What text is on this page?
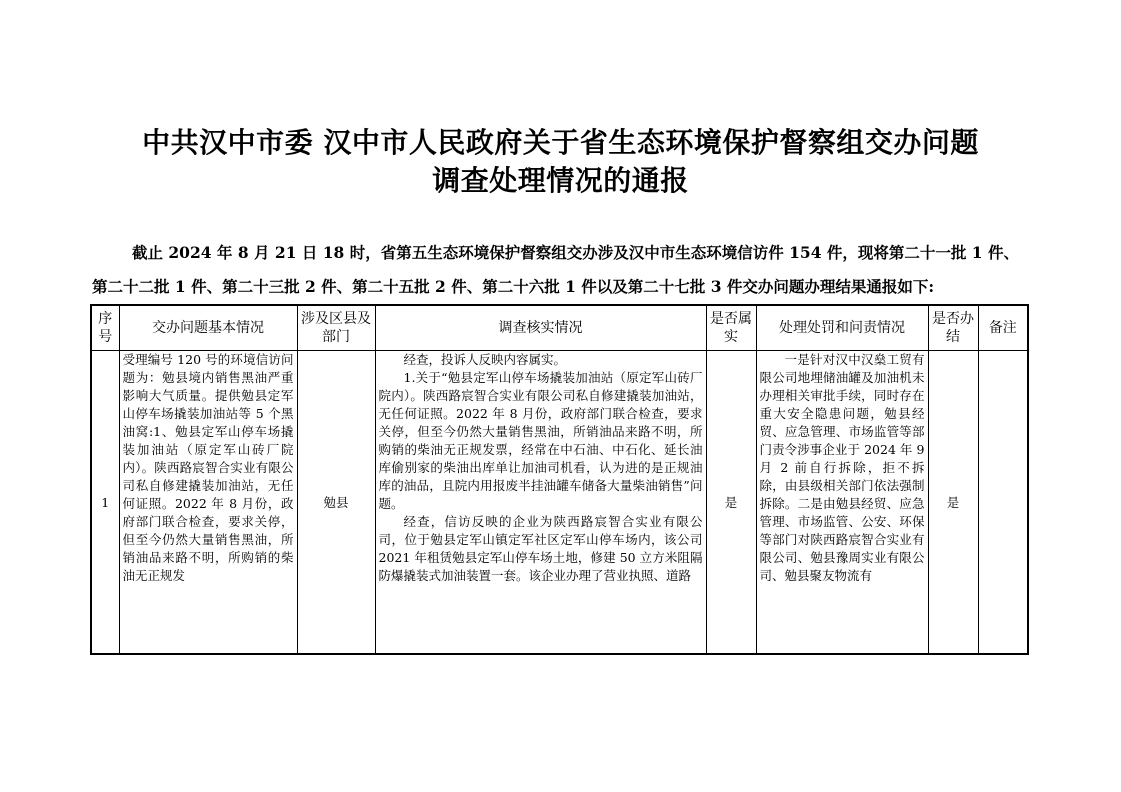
中共汉中市委 汉中市人民政府关于省生态环境保护督察组交办问题
调查处理情况的通报
截止 2024 年 8 月 21 日 18 时，省第五生态环境保护督察组交办涉及汉中市生态环境信访件 154 件，现将第二十一批 1 件、
第二十二批 1 件、第二十三批 2 件、第二十五批 2 件、第二十六批 1 件以及第二十七批 3 件交办问题办理结果通报如下:
序号	交办问题基本情况	涉及区县及部门	调查核实情况	是否属实	处理处罚和问责情况	是否办结	备注
1	受理编号 120 号的环境信访问题为：勉县境内销售黑油严重影响大气质量。提供勉县定军山停车场撬装加油站等 5 个黑油窝:1、勉县定军山停车场撬装加油站（原定军山砖厂院内）。陕西路宸智合实业有限公司私自修建撬装加油站，无任何证照。2022 年 8 月份，政府部门联合检查，要求关停，但至今仍然大量销售黑油，所销油品来路不明，所购销的柴油无正规发	勉县	经查，投诉人反映内容属实。

1.关于“勉县定军山停车场撬装加油站（原定军山砖厂院内）。陕西路宸智合实业有限公司私自修建撬装加油站，无任何证照。2022 年 8 月份，政府部门联合检查，要求关停，但至今仍然大量销售黑油，所销油品来路不明，所购销的柴油无正规发票，经常在中石油、中石化、延长油库偷别家的柴油出库单让加油司机看，认为进的是正规油库的油品，且院内用报废半挂油罐车储备大量柴油销售”问题。

经查，信访反映的企业为陕西路宸智合实业有限公司，位于勉县定军山镇定军社区定军山停车场内，该公司 2021 年租赁勉县定军山停车场土地，修建 50 立方米阻隔防爆撬装式加油装置一套。该企业办理了营业执照、道路	是	一是针对汉中汉燊工贸有限公司地埋储油罐及加油机未办理相关审批手续，同时存在重大安全隐患问题，勉县经贸、应急管理、市场监管等部门责令涉事企业于 2024 年 9 月 2 前自行拆除，拒不拆除，由县级相关部门依法强制拆除。二是由勉县经贸、应急管理、市场监管、公安、环保等部门对陕西路宸智合实业有限公司、勉县豫周实业有限公司、勉县聚友物流有	是	
